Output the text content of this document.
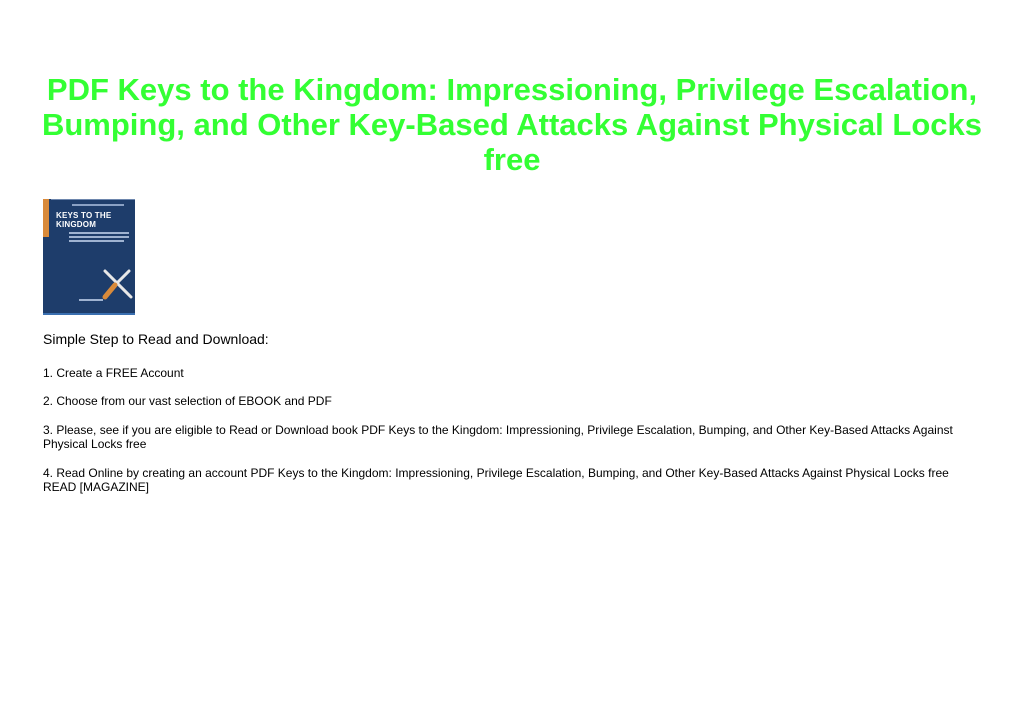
PDF Keys to the Kingdom: Impressioning, Privilege Escalation, Bumping, and Other Key-Based Attacks Against Physical Locks free
KEYS TO THE
KINGDOM

Simple Step to Read and Download:

1. Create a FREE Account

2. Choose from our vast selection of EBOOK and PDF

3. Please, see if you are eligible to Read or Download book PDF Keys to the Kingdom: Impressioning, Privilege Escalation, Bumping, and Other Key-Based Attacks Against Physical Locks free

4. Read Online by creating an account PDF Keys to the Kingdom: Impressioning, Privilege Escalation, Bumping, and Other Key-Based Attacks Against Physical Locks free READ [MAGAZINE]
